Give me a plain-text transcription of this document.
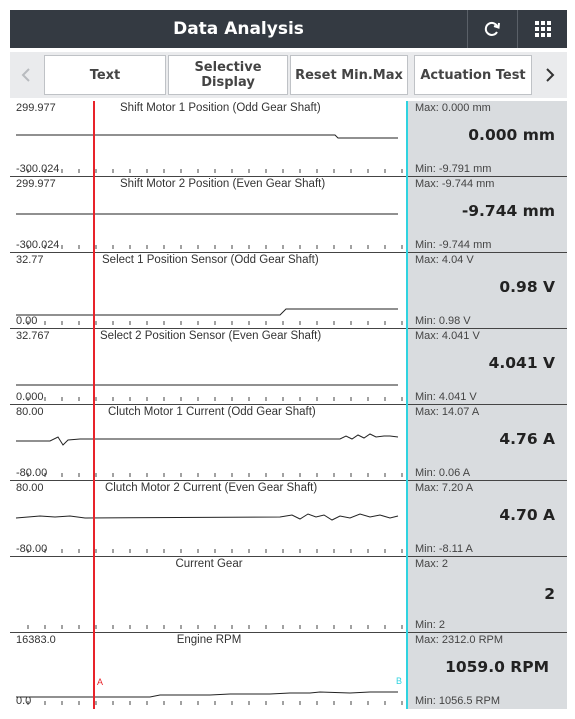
Data Analysis
Text	Selective Display	Reset Min.Max	Actuation Test
299.977
-300.024
Shift Motor 1 Position (Odd Gear Shaft)	Max: 0.000 mm
0.000 mm
Min: -9.791 mm
299.977
-300.024
Shift Motor 2 Position (Even Gear Shaft)	Max: -9.744 mm
-9.744 mm
Min: -9.744 mm
32.77
0.00
Select 1 Position Sensor (Odd Gear Shaft)	Max: 4.04 V
0.98 V
Min: 0.98 V
32.767
0.000
Select 2 Position Sensor (Even Gear Shaft)	Max: 4.041 V
4.041 V
Min: 4.041 V
80.00
-80.00
Clutch Motor 1 Current (Odd Gear Shaft)	Max: 14.07 A
4.76 A
Min: 0.06 A
80.00
-80.00
Clutch Motor 2 Current (Even Gear Shaft)	Max: 7.20 A
4.70 A
Min: -8.11 A
Current Gear	Max: 2
2
Min: 2
16383.0
0.0
Engine RPM	Max: 2312.0 RPM
1059.0 RPM
Min: 1056.5 RPM
A	B
